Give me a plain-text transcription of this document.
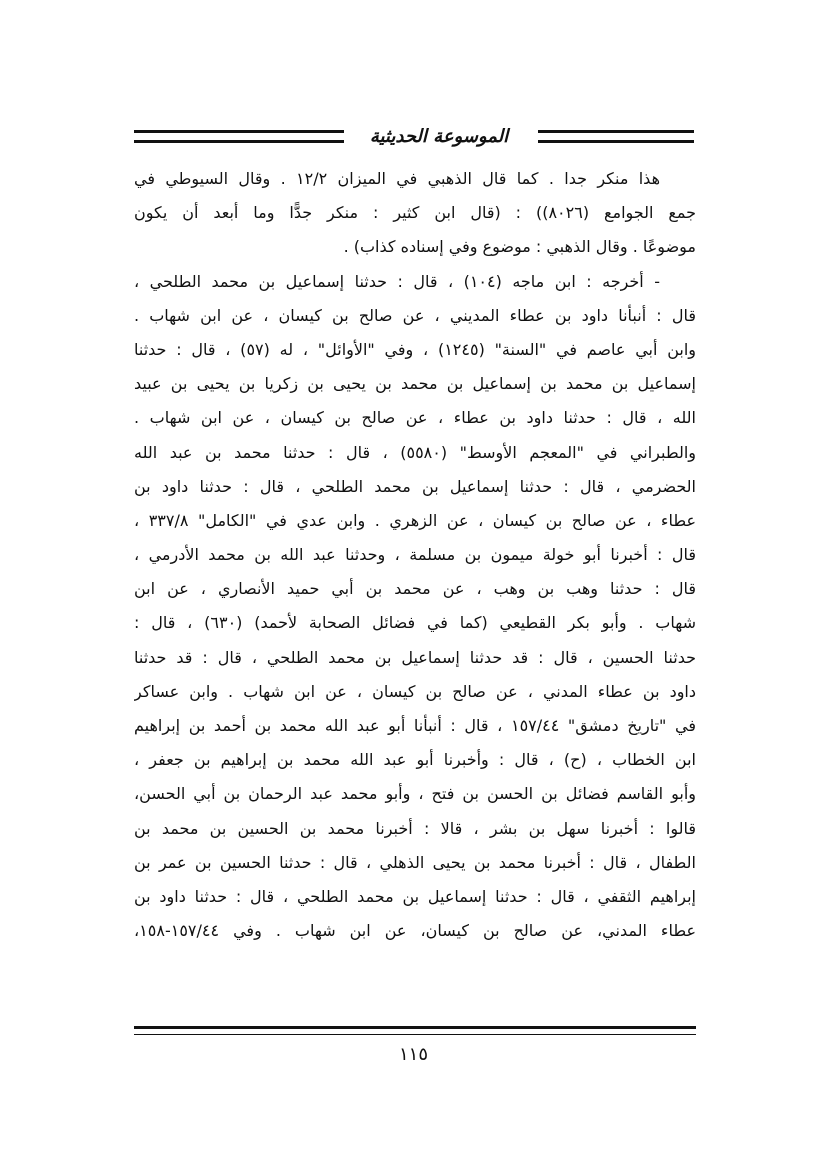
الموسوعة الحديثية
هذا منكر جدا . كما قال الذهبي في الميزان ١٢/٢ . وقال السيوطي في
جمع الجوامع (٨٠٢٦)) : (قال ابن كثير : منكر جدًّا وما أبعد أن يكون
موضوعًا . وقال الذهبي : موضوع وفي إسناده كذاب) .
- أخرجه : ابن ماجه (١٠٤) ، قال : حدثنا إسماعيل بن محمد الطلحي ،
قال : أنبأنا داود بن عطاء المديني ، عن صالح بن كيسان ، عن ابن شهاب .
وابن أبي عاصم في "السنة" (١٢٤٥) ، وفي "الأوائل" ، له (٥٧) ، قال : حدثنا
إسماعيل بن محمد بن إسماعيل بن محمد بن يحيى بن زكريا بن يحيى بن عبيد
الله ، قال : حدثنا داود بن عطاء ، عن صالح بن كيسان ، عن ابن شهاب .
والطبراني في "المعجم الأوسط" (٥٥٨٠) ، قال : حدثنا محمد بن عبد الله
الحضرمي ، قال : حدثنا إسماعيل بن محمد الطلحي ، قال : حدثنا داود بن
عطاء ، عن صالح بن كيسان ، عن الزهري . وابن عدي في "الكامل" ٣٣٧/٨ ،
قال : أخبرنا أبو خولة ميمون بن مسلمة ، وحدثنا عبد الله بن محمد الأدرمي ،
قال : حدثنا وهب بن وهب ، عن محمد بن أبي حميد الأنصاري ، عن ابن
شهاب . وأبو بكر القطيعي (كما في فضائل الصحابة لأحمد) (٦٣٠) ، قال :
حدثنا الحسين ، قال : قد حدثنا إسماعيل بن محمد الطلحي ، قال : قد حدثنا
داود بن عطاء المدني ، عن صالح بن كيسان ، عن ابن شهاب . وابن عساكر
في "تاريخ دمشق" ١٥٧/٤٤ ، قال : أنبأنا أبو عبد الله محمد بن أحمد بن إبراهيم
ابن الخطاب ، (ح) ، قال : وأخبرنا أبو عبد الله محمد بن إبراهيم بن جعفر ،
وأبو القاسم فضائل بن الحسن بن فتح ، وأبو محمد عبد الرحمان بن أبي الحسن،
قالوا : أخبرنا سهل بن بشر ، قالا : أخبرنا محمد بن الحسين بن محمد بن
الطفال ، قال : أخبرنا محمد بن يحيى الذهلي ، قال : حدثنا الحسين بن عمر بن
إبراهيم الثقفي ، قال : حدثنا إسماعيل بن محمد الطلحي ، قال : حدثنا داود بن
عطاء المدني، عن صالح بن كيسان، عن ابن شهاب . وفي ١٥٧/٤٤-١٥٨،
١١٥
